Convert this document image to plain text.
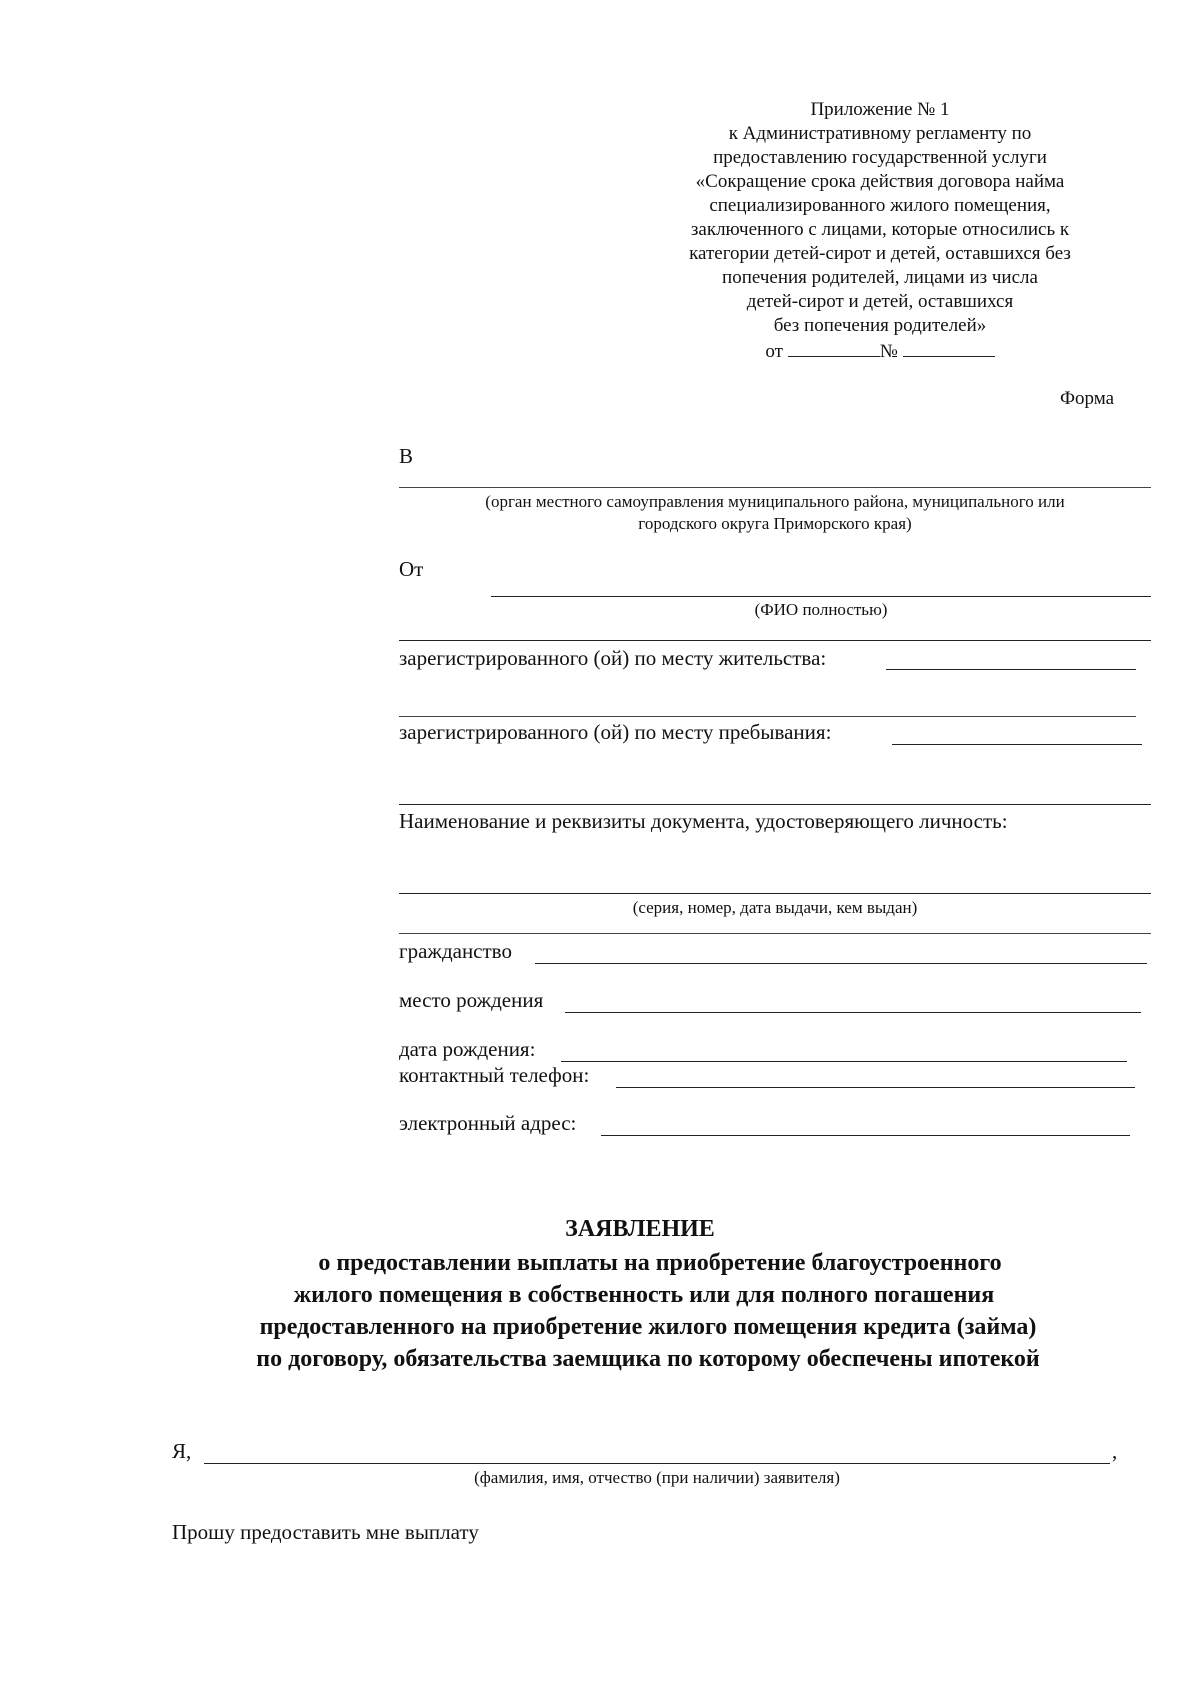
Приложение № 1
к Административному регламенту по
предоставлению государственной услуги
«Сокращение срока действия договора найма
специализированного жилого помещения,
заключенного с лицами, которые относились к
категории детей-сирот и детей, оставшихся без
попечения родителей, лицами из числа
детей-сирот и детей, оставшихся
без попечения родителей»
от	№
Форма
В
(орган местного самоуправления муниципального района, муниципального или
городского округа Приморского края)
От
(ФИО полностью)
зарегистрированного (ой) по месту жительства:
зарегистрированного (ой) по месту пребывания:
Наименование и реквизиты документа, удостоверяющего личность:
(серия, номер, дата выдачи, кем выдан)
гражданство
место рождения
дата рождения:
контактный телефон:
электронный адрес:
ЗАЯВЛЕНИЕ
о предоставлении выплаты на приобретение благоустроенного
жилого помещения в собственность или для полного погашения
предоставленного на приобретение жилого помещения кредита (займа)
по договору, обязательства заемщика по которому обеспечены ипотекой
Я,	,
(фамилия, имя, отчество (при наличии) заявителя)
Прошу предоставить мне выплату
